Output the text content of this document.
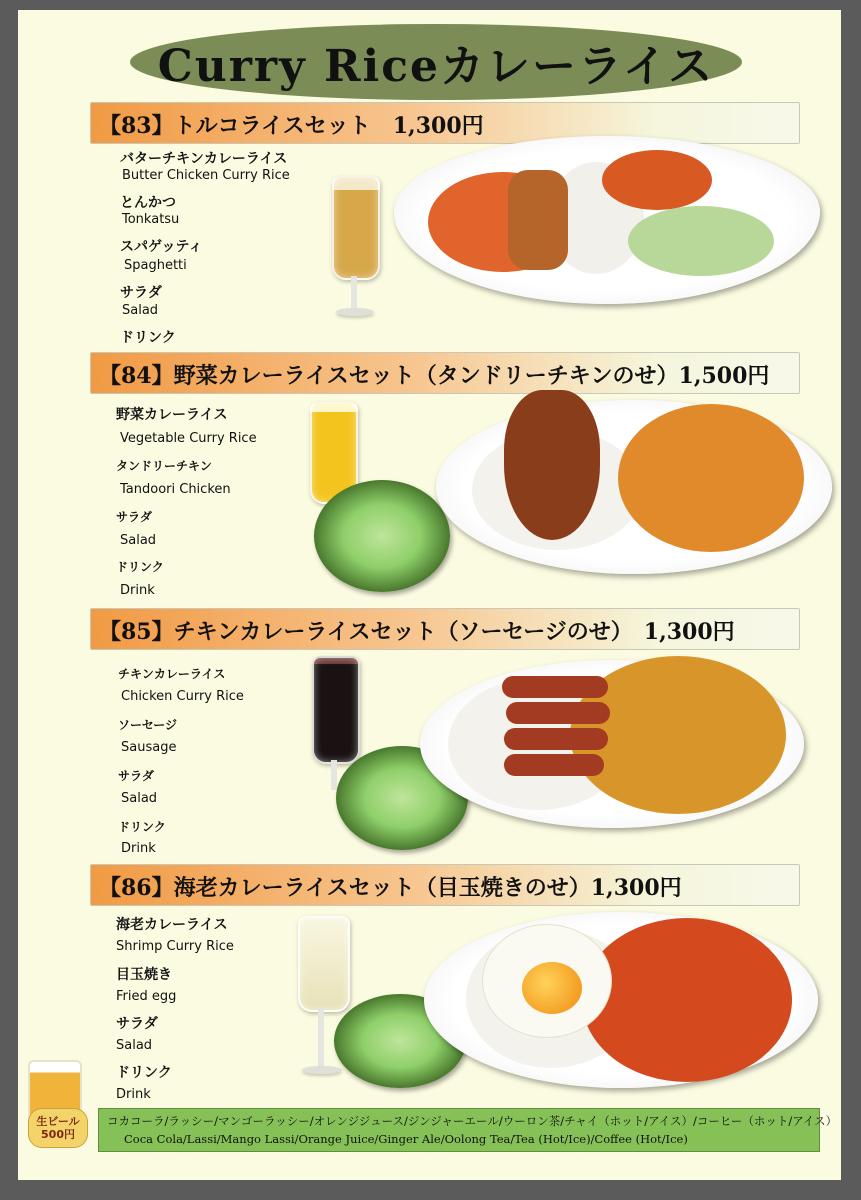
Curry Riceカレーライス
【83】トルコライスセット　1,300円
バターチキンカレーライス
Butter Chicken Curry Rice
とんかつ
Tonkatsu
スパゲッティ
Spaghetti
サラダ
Salad
ドリンク
【84】野菜カレーライスセット（タンドリーチキンのせ）1,500円
野菜カレーライス
Vegetable Curry Rice
タンドリーチキン
Tandoori Chicken
サラダ
Salad
ドリンク
Drink
【85】チキンカレーライスセット（ソーセージのせ）　1,300円
チキンカレーライス
Chicken Curry Rice
ソーセージ
Sausage
サラダ
Salad
ドリンク
Drink
【86】海老カレーライスセット（目玉焼きのせ）1,300円
海老カレーライス
Shrimp Curry Rice
目玉焼き
Fried egg
サラダ
Salad
ドリンク
Drink
生ビール
500円
コカコーラ/ラッシー/マンゴーラッシー/オレンジジュース/ジンジャーエール/ウーロン茶/チャイ（ホット/アイス）/コーヒー（ホット/アイス）
Coca Cola/Lassi/Mango Lassi/Orange Juice/Ginger Ale/Oolong Tea/Tea (Hot/Ice)/Coffee (Hot/Ice)
